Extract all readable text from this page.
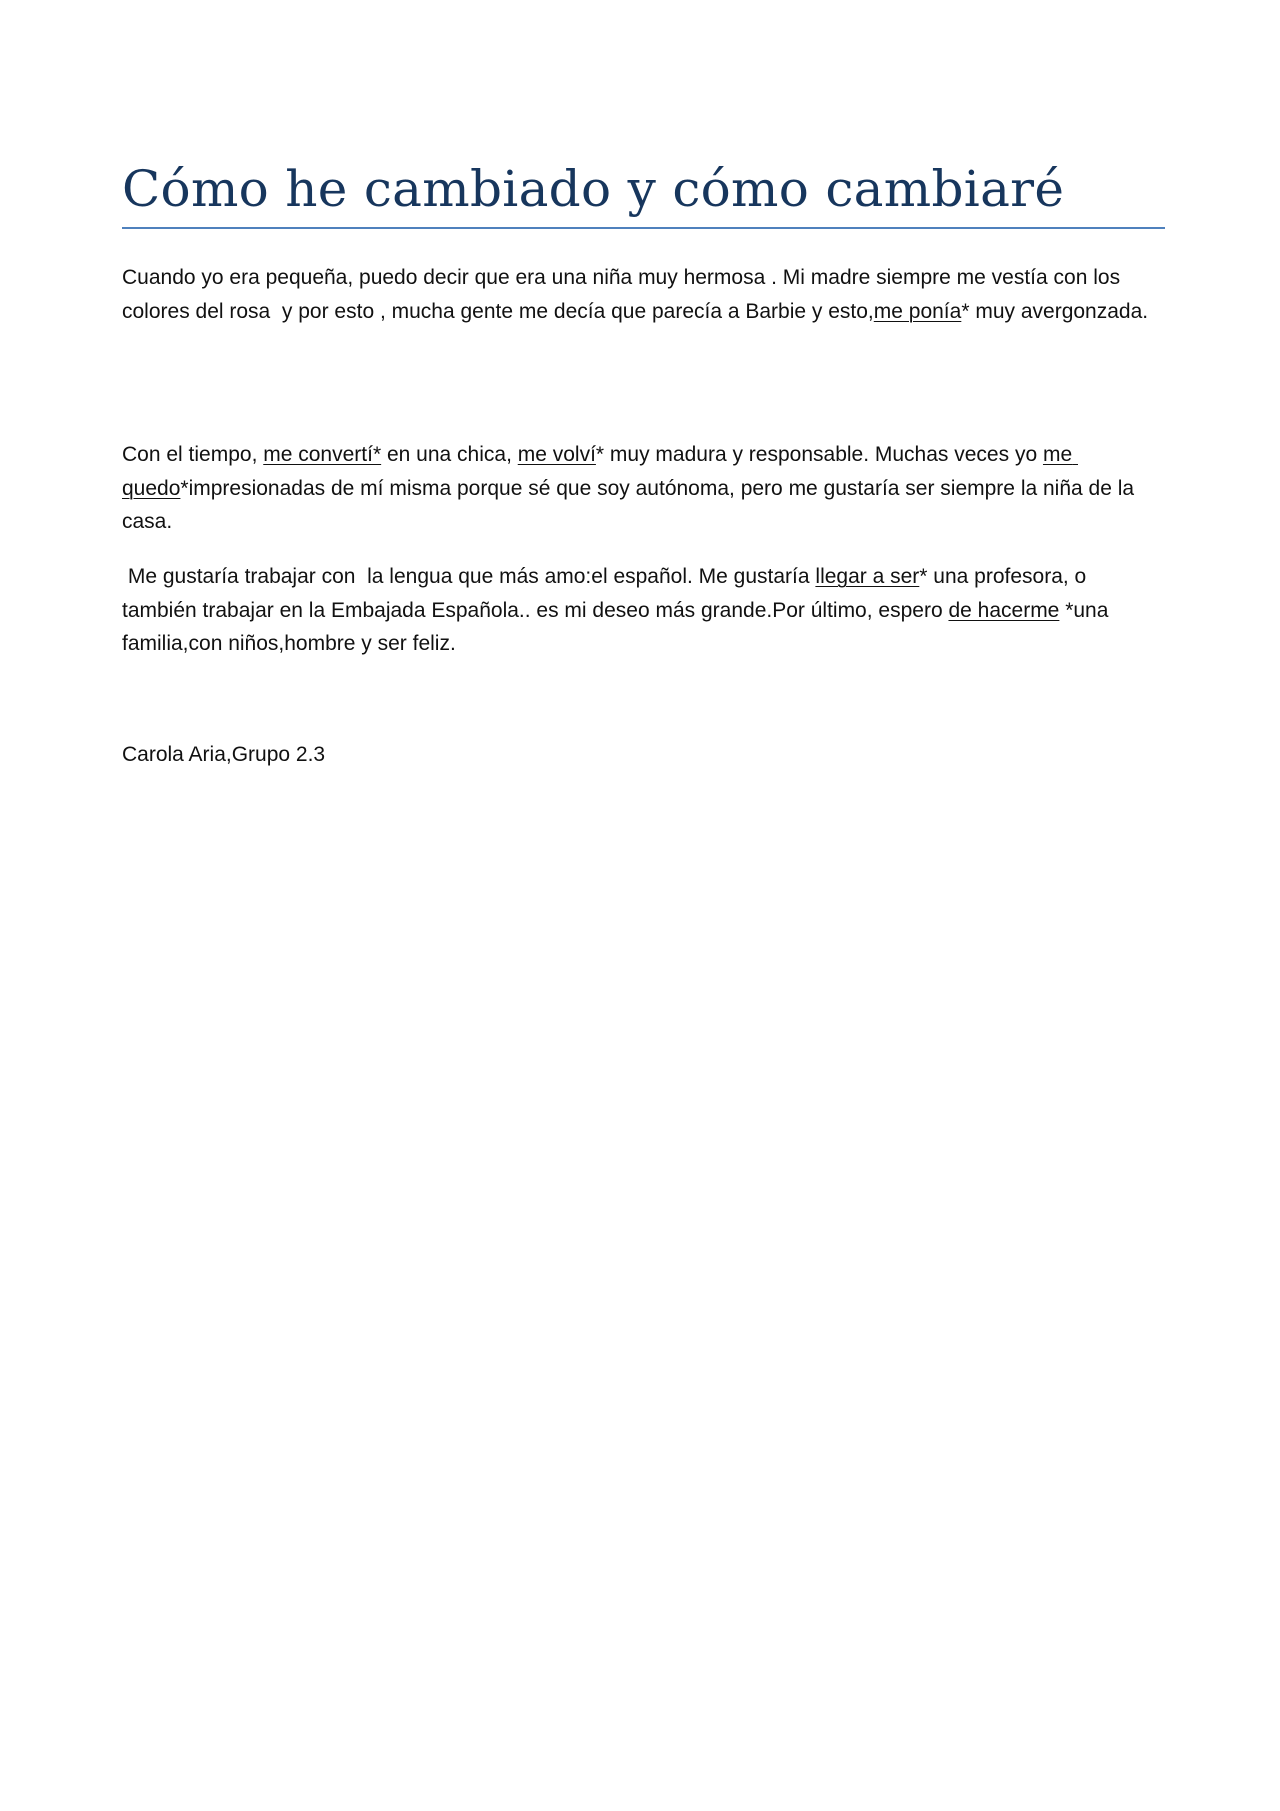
Cómo he cambiado y cómo cambiaré

Cuando yo era pequeña, puedo decir que era una niña muy hermosa . Mi madre siempre me vestía con los colores del rosa  y por esto , mucha gente me decía que parecía a Barbie y esto,me ponía* muy avergonzada.

Con el tiempo, me convertí* en una chica, me volví* muy madura y responsable. Muchas veces yo me quedo*impresionadas de mí misma porque sé que soy autónoma, pero me gustaría ser siempre la niña de la casa.

Me gustaría trabajar con  la lengua que más amo:el español. Me gustaría llegar a ser* una profesora, o también trabajar en la Embajada Española.. es mi deseo más grande.Por último, espero de hacerme *una familia,con niños,hombre y ser feliz.

Carola Aria,Grupo 2.3
